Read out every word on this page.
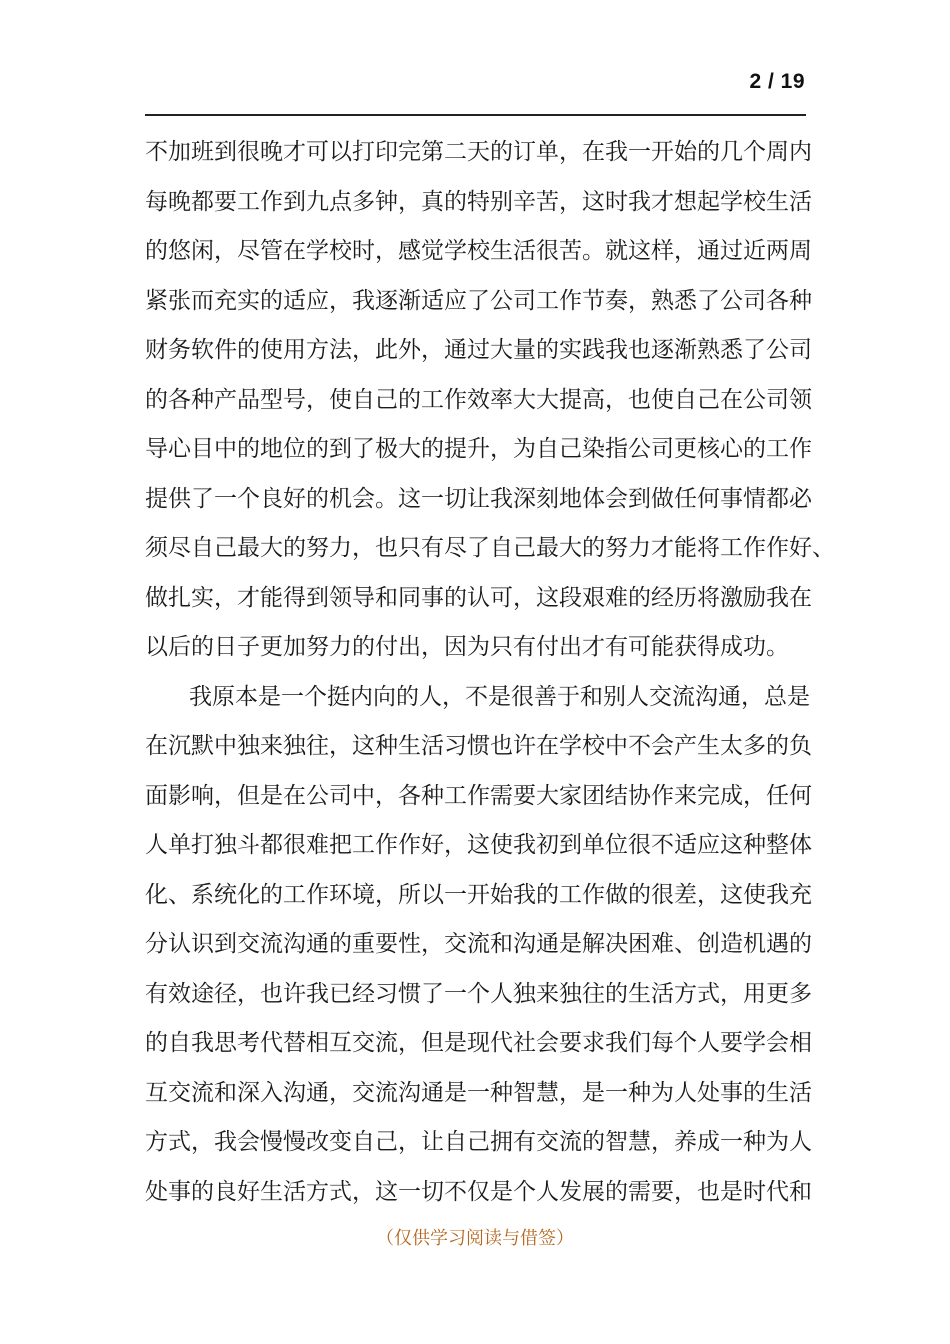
2 / 19
不加班到很晚才可以打印完第二天的订单，在我一开始的几个周内
每晚都要工作到九点多钟，真的特别辛苦，这时我才想起学校生活
的悠闲，尽管在学校时，感觉学校生活很苦。就这样，通过近两周
紧张而充实的适应，我逐渐适应了公司工作节奏，熟悉了公司各种
财务软件的使用方法，此外，通过大量的实践我也逐渐熟悉了公司
的各种产品型号，使自己的工作效率大大提高，也使自己在公司领
导心目中的地位的到了极大的提升，为自己染指公司更核心的工作
提供了一个良好的机会。这一切让我深刻地体会到做任何事情都必
须尽自己最大的努力，也只有尽了自己最大的努力才能将工作作好、
做扎实，才能得到领导和同事的认可，这段艰难的经历将激励我在
以后的日子更加努力的付出，因为只有付出才有可能获得成功。
我原本是一个挺内向的人，不是很善于和别人交流沟通，总是
在沉默中独来独往，这种生活习惯也许在学校中不会产生太多的负
面影响，但是在公司中，各种工作需要大家团结协作来完成，任何
人单打独斗都很难把工作作好，这使我初到单位很不适应这种整体
化、系统化的工作环境，所以一开始我的工作做的很差，这使我充
分认识到交流沟通的重要性，交流和沟通是解决困难、创造机遇的
有效途径，也许我已经习惯了一个人独来独往的生活方式，用更多
的自我思考代替相互交流，但是现代社会要求我们每个人要学会相
互交流和深入沟通，交流沟通是一种智慧，是一种为人处事的生活
方式，我会慢慢改变自己，让自己拥有交流的智慧，养成一种为人
处事的良好生活方式，这一切不仅是个人发展的需要，也是时代和
（仅供学习阅读与借签）
